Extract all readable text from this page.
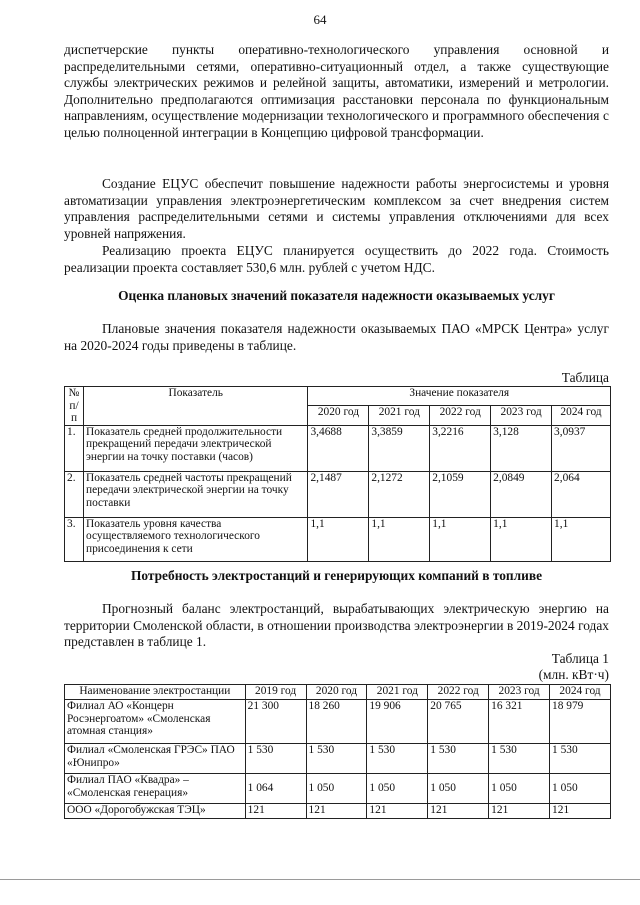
64
диспетчерские пункты оперативно-технологического управления основной и распределительными сетями, оперативно-ситуационный отдел, а также существующие службы электрических режимов и релейной защиты, автоматики, измерений и метрологии. Дополнительно предполагаются оптимизация расстановки персонала по функциональным направлениям, осуществление модернизации технологического и программного обеспечения с целью полноценной интеграции в Концепцию цифровой трансформации.
Создание ЕЦУС обеспечит повышение надежности работы энергосистемы и уровня автоматизации управления электроэнергетическим комплексом за счет внедрения систем управления распределительными сетями и системы управления отключениями для всех уровней напряжения.
Реализацию проекта ЕЦУС планируется осуществить до 2022 года. Стоимость реализации проекта составляет 530,6 млн. рублей с учетом НДС.
Оценка плановых значений показателя надежности оказываемых услуг
Плановые значения показателя надежности оказываемых ПАО «МРСК Центра» услуг на 2020-2024 годы приведены в таблице.
Таблица
№ п/п	Показатель	Значение показателя				
		2020 год	2021 год	2022 год	2023 год	2024 год
1.	Показатель средней продолжительности прекращений передачи электрической энергии на точку поставки (часов)	3,4688	3,3859	3,2216	3,128	3,0937
2.	Показатель средней частоты прекращений передачи электрической энергии на точку поставки	2,1487	2,1272	2,1059	2,0849	2,064
3.	Показатель уровня качества осуществляемого технологического присоединения к сети	1,1	1,1	1,1	1,1	1,1
Потребность электростанций и генерирующих компаний в топливе
Прогнозный баланс электростанций, вырабатывающих электрическую энергию на территории Смоленской области, в отношении производства электроэнергии в 2019-2024 годах представлен в таблице 1.
Таблица 1
(млн. кВт·ч)
Наименование электростанции	2019 год	2020 год	2021 год	2022 год	2023 год	2024 год
Филиал АО «Концерн Росэнергоатом» «Смоленская атомная станция»	21 300	18 260	19 906	20 765	16 321	18 979
Филиал «Смоленская ГРЭС» ПАО «Юнипро»	1 530	1 530	1 530	1 530	1 530	1 530
Филиал ПАО «Квадра» – «Смоленская генерация»	1 064	1 050	1 050	1 050	1 050	1 050
ООО «Дорогобужская ТЭЦ»	121	121	121	121	121	121
